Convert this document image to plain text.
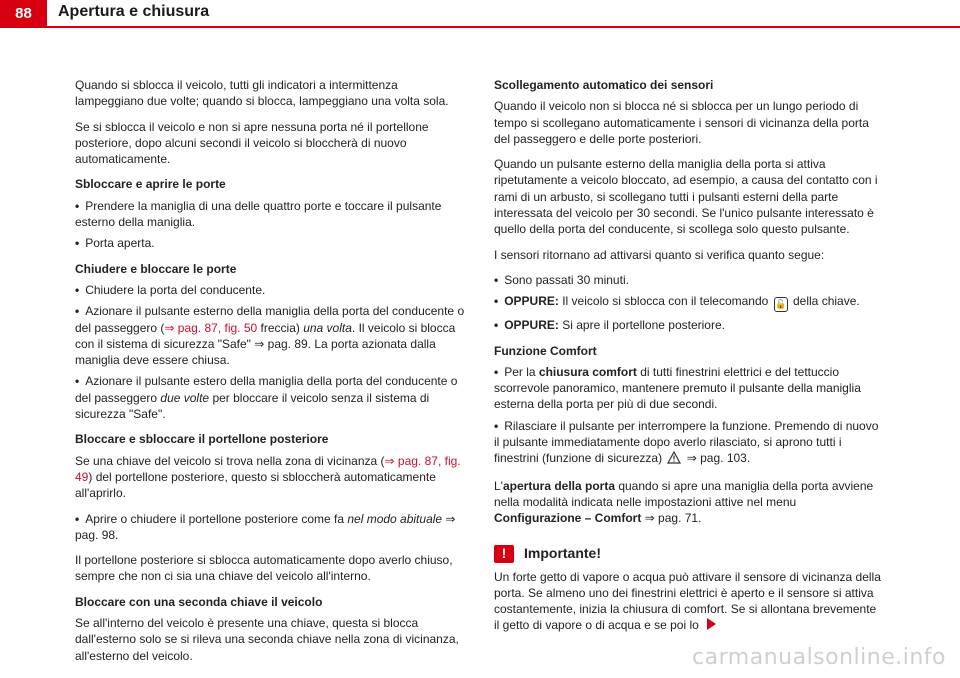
88	Apertura e chiusura

Quando si sblocca il veicolo, tutti gli indicatori a intermittenza lampeggiano due volte; quando si blocca, lampeggiano una volta sola.

Se si sblocca il veicolo e non si apre nessuna porta né il portellone posteriore, dopo alcuni secondi il veicolo si bloccherà di nuovo automaticamente.

Sbloccare e aprire le porte
• Prendere la maniglia di una delle quattro porte e toccare il pulsante esterno della maniglia.
• Porta aperta.
Chiudere e bloccare le porte
• Chiudere la porta del conducente.
• Azionare il pulsante esterno della maniglia della porta del conducente o del passeggero (⇒ pag. 87, fig. 50 freccia) una volta. Il veicolo si blocca con il sistema di sicurezza "Safe" ⇒ pag. 89. La porta azionata dalla maniglia deve essere chiusa.
• Azionare il pulsante estero della maniglia della porta del conducente o del passeggero due volte per bloccare il veicolo senza il sistema di sicurezza "Safe".
Bloccare e sbloccare il portellone posteriore

Se una chiave del veicolo si trova nella zona di vicinanza (⇒ pag. 87, fig. 49) del portellone posteriore, questo si sbloccherà automaticamente all'aprirlo.

• Aprire o chiudere il portellone posteriore come fa nel modo abituale ⇒ pag. 98.

Il portellone posteriore si sblocca automaticamente dopo averlo chiuso, sempre che non ci sia una chiave del veicolo all'interno.

Bloccare con una seconda chiave il veicolo

Se all'interno del veicolo è presente una chiave, questa si blocca dall'esterno solo se si rileva una seconda chiave nella zona di vicinanza, all'esterno del veicolo.

Scollegamento automatico dei sensori

Quando il veicolo non si blocca né si sblocca per un lungo periodo di tempo si scollegano automaticamente i sensori di vicinanza della porta del passeggero e delle porte posteriori.

Quando un pulsante esterno della maniglia della porta si attiva ripetutamente a veicolo bloccato, ad esempio, a causa del contatto con i rami di un arbusto, si scollegano tutti i pulsanti esterni della parte interessata del veicolo per 30 secondi. Se l'unico pulsante interessato è quello della porta del conducente, si scollega solo questo pulsante.

I sensori ritornano ad attivarsi quanto si verifica quanto segue:

• Sono passati 30 minuti.
• OPPURE: Il veicolo si sblocca con il telecomando 🔓 della chiave.
• OPPURE: Si apre il portellone posteriore.
Funzione Comfort
• Per la chiusura comfort di tutti finestrini elettrici e del tettuccio scorrevole panoramico, mantenere premuto il pulsante della maniglia esterna della porta per più di due secondi.
• Rilasciare il pulsante per interrompere la funzione. Premendo di nuovo il pulsante immediatamente dopo averlo rilasciato, si aprono tutti i finestrini (funzione di sicurezza)  ⇒ pag. 103.

L'apertura della porta quando si apre una maniglia della porta avviene nella modalità indicata nelle impostazioni attive nel menu Configurazione – Comfort ⇒ pag. 71.

!	Importante!

Un forte getto di vapore o acqua può attivare il sensore di vicinanza della porta. Se almeno uno dei finestrini elettrici è aperto e il sensore si attiva costantemente, inizia la chiusura di comfort. Se si allontana brevemente il getto di vapore o di acqua e se poi lo

carmanualsonline.info
